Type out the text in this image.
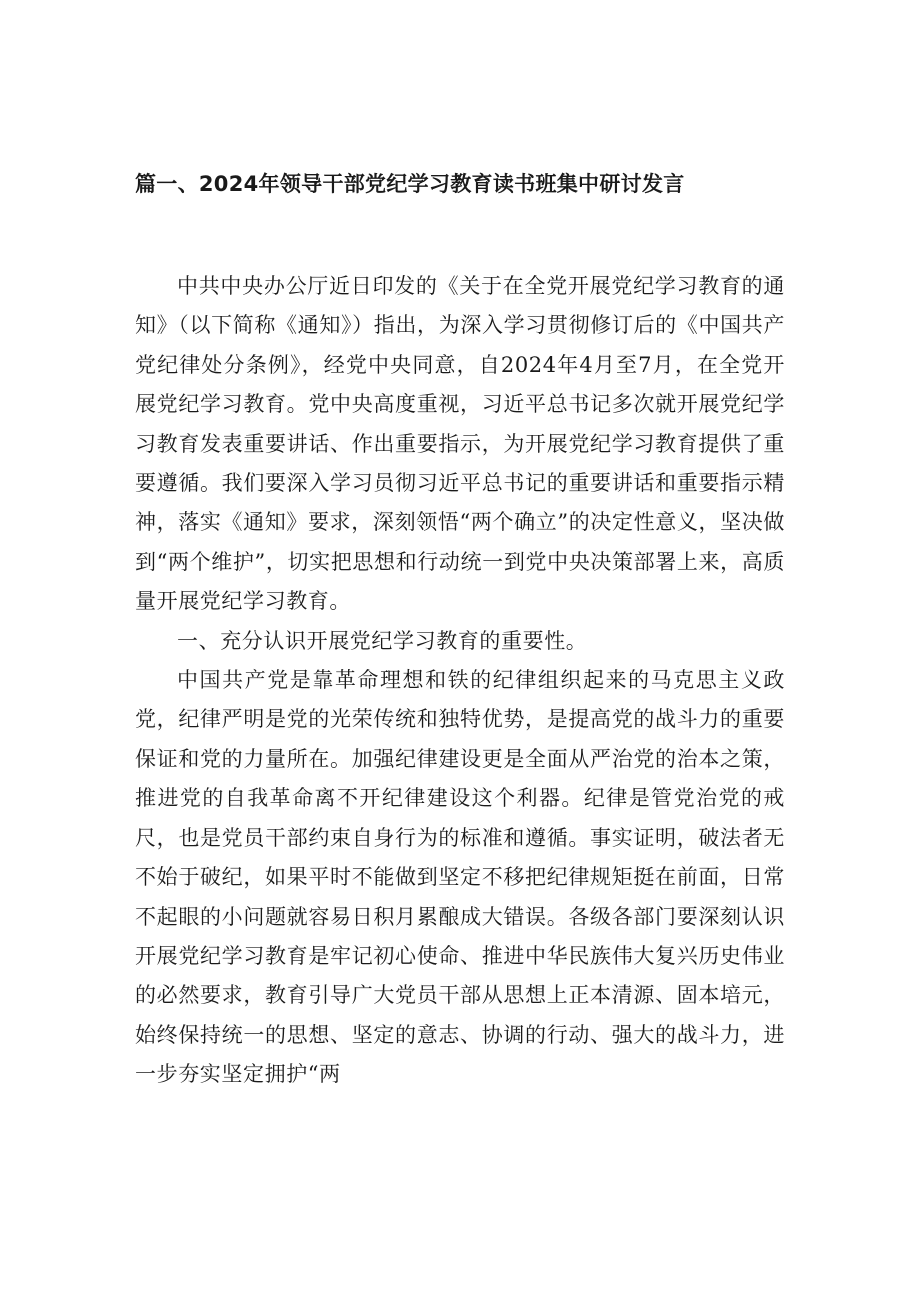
篇一、2024年领导干部党纪学习教育读书班集中研讨发言

中共中央办公厅近日印发的《关于在全党开展党纪学习教育的通知》（以下简称《通知》）指出，为深入学习贯彻修订后的《中国共产党纪律处分条例》，经党中央同意，自2024年4月至7月，在全党开展党纪学习教育。党中央高度重视，习近平总书记多次就开展党纪学习教育发表重要讲话、作出重要指示，为开展党纪学习教育提供了重要遵循。我们要深入学习员彻习近平总书记的重要讲话和重要指示精神，落实《通知》要求，深刻领悟“两个确立”的决定性意义，坚决做到“两个维护”，切实把思想和行动统一到党中央决策部署上来，高质量开展党纪学习教育。

一、充分认识开展党纪学习教育的重要性。

中国共产党是靠革命理想和铁的纪律组织起来的马克思主义政党，纪律严明是党的光荣传统和独特优势，是提高党的战斗力的重要保证和党的力量所在。加强纪律建设更是全面从严治党的治本之策，推进党的自我革命离不开纪律建设这个利器。纪律是管党治党的戒尺，也是党员干部约束自身行为的标准和遵循。事实证明，破法者无不始于破纪，如果平时不能做到坚定不移把纪律规矩挺在前面，日常不起眼的小问题就容易日积月累酿成大错误。各级各部门要深刻认识开展党纪学习教育是牢记初心使命、推进中华民族伟大复兴历史伟业的必然要求，教育引导广大党员干部从思想上正本清源、固本培元，始终保持统一的思想、坚定的意志、协调的行动、强大的战斗力，进一步夯实坚定拥护“两
